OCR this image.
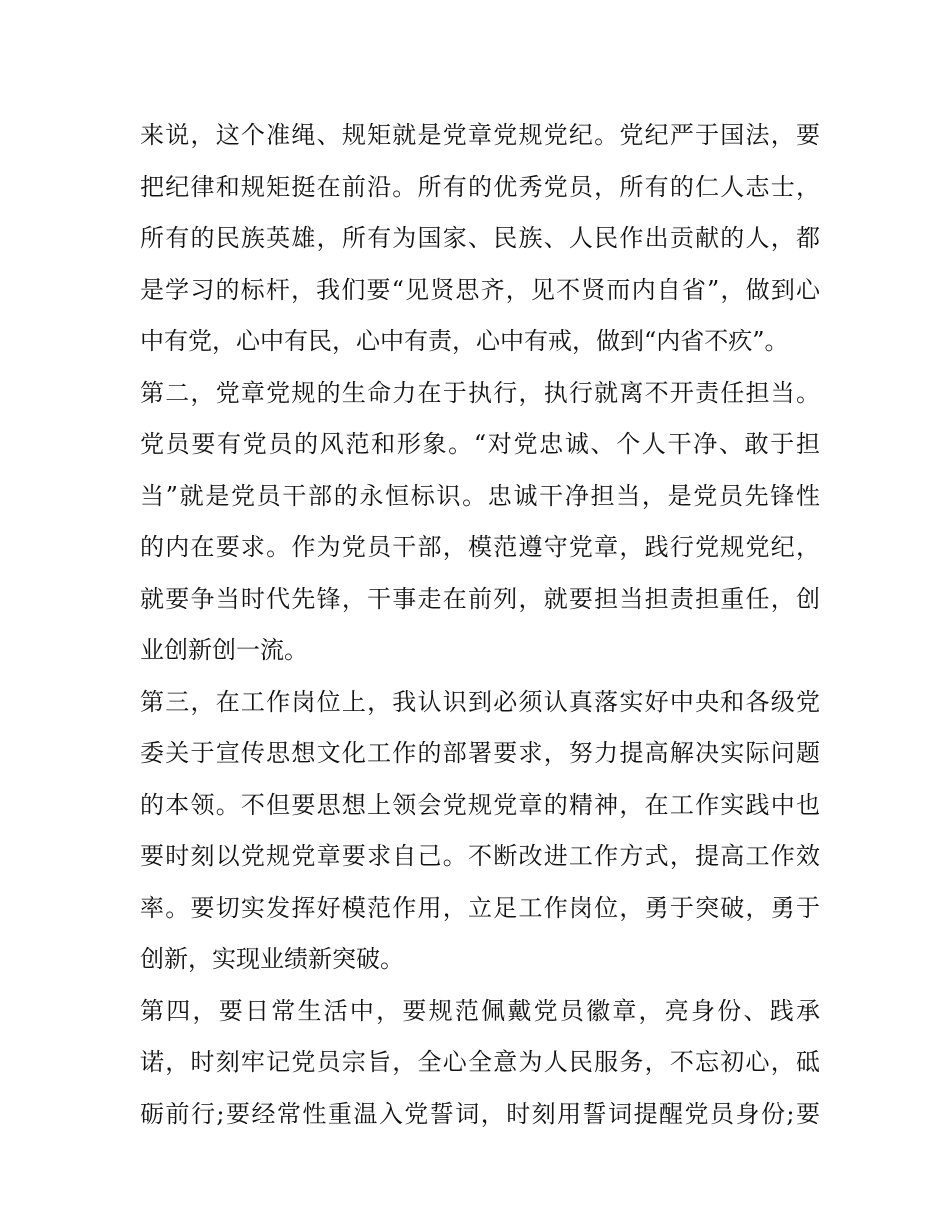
来说，这个准绳、规矩就是党章党规党纪。党纪严于国法，要
把纪律和规矩挺在前沿。所有的优秀党员，所有的仁人志士，
所有的民族英雄，所有为国家、民族、人民作出贡献的人，都
是学习的标杆，我们要“见贤思齐，见不贤而内自省”，做到心
中有党，心中有民，心中有责，心中有戒，做到“内省不疚”。
第二，党章党规的生命力在于执行，执行就离不开责任担当。
党员要有党员的风范和形象。“对党忠诚、个人干净、敢于担
当”就是党员干部的永恒标识。忠诚干净担当，是党员先锋性
的内在要求。作为党员干部，模范遵守党章，践行党规党纪，
就要争当时代先锋，干事走在前列，就要担当担责担重任，创
业创新创一流。
第三，在工作岗位上，我认识到必须认真落实好中央和各级党
委关于宣传思想文化工作的部署要求，努力提高解决实际问题
的本领。不但要思想上领会党规党章的精神，在工作实践中也
要时刻以党规党章要求自己。不断改进工作方式，提高工作效
率。要切实发挥好模范作用，立足工作岗位，勇于突破，勇于
创新，实现业绩新突破。
第四，要日常生活中，要规范佩戴党员徽章，亮身份、践承
诺，时刻牢记党员宗旨，全心全意为人民服务，不忘初心，砥
砺前行;要经常性重温入党誓词，时刻用誓词提醒党员身份;要
